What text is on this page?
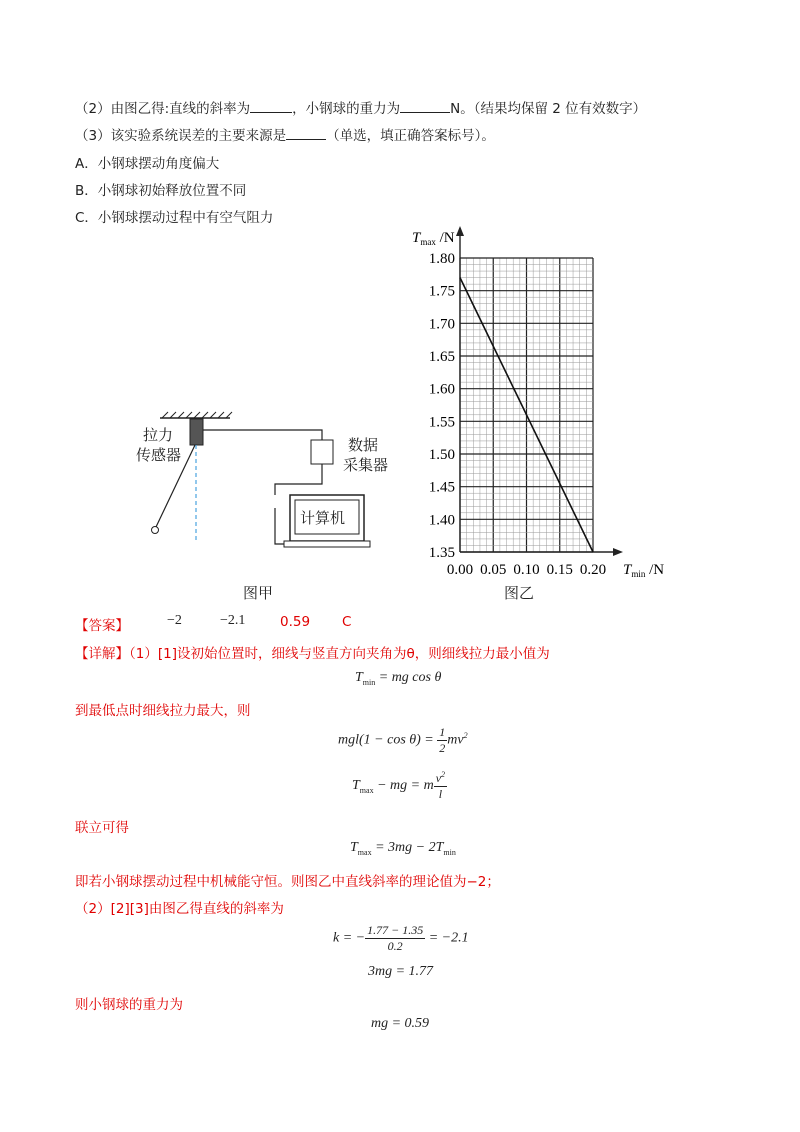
（2）由图乙得:直线的斜率为	，小钢球的重力为	N。（结果均保留 2 位有效数字）
（3）该实验系统误差的主要来源是	（单选，填正确答案标号）。
A．小钢球摆动角度偏大
B．小钢球初始释放位置不同
C．小钢球摆动过程中有空气阻力
拉力
传感器
数据
采集器
计算机
图甲
1.35
1.40
1.45
1.50
1.55
1.60
1.65
1.70
1.75
1.80
0.00 0.05 0.10 0.15 0.20
$T_{max}$ /N
$T_{min}$ /N
图乙
【答案】	−2	−2.1	0.59 C
【详解】（1）[1]设初始位置时，细线与竖直方向夹角为θ，则细线拉力最小值为
$T_{min}$ = mg cos θ
到最低点时细线拉力最大，则
$mgl(1 - \cos \theta) = \frac{1}{2} mv^2$
$T_{max}$ − mg = m $\frac{v^2}{l}$
联立可得
$T_{max} = 3mg - 2T_{min}$
即若小钢球摆动过程中机械能守恒。则图乙中直线斜率的理论值为−2；
（2）[2][3]由图乙得直线的斜率为
k = − $\frac{1.77 - 1.35}{0.2} = -2.1$
3mg = 1.77
则小钢球的重力为
mg = 0.59
